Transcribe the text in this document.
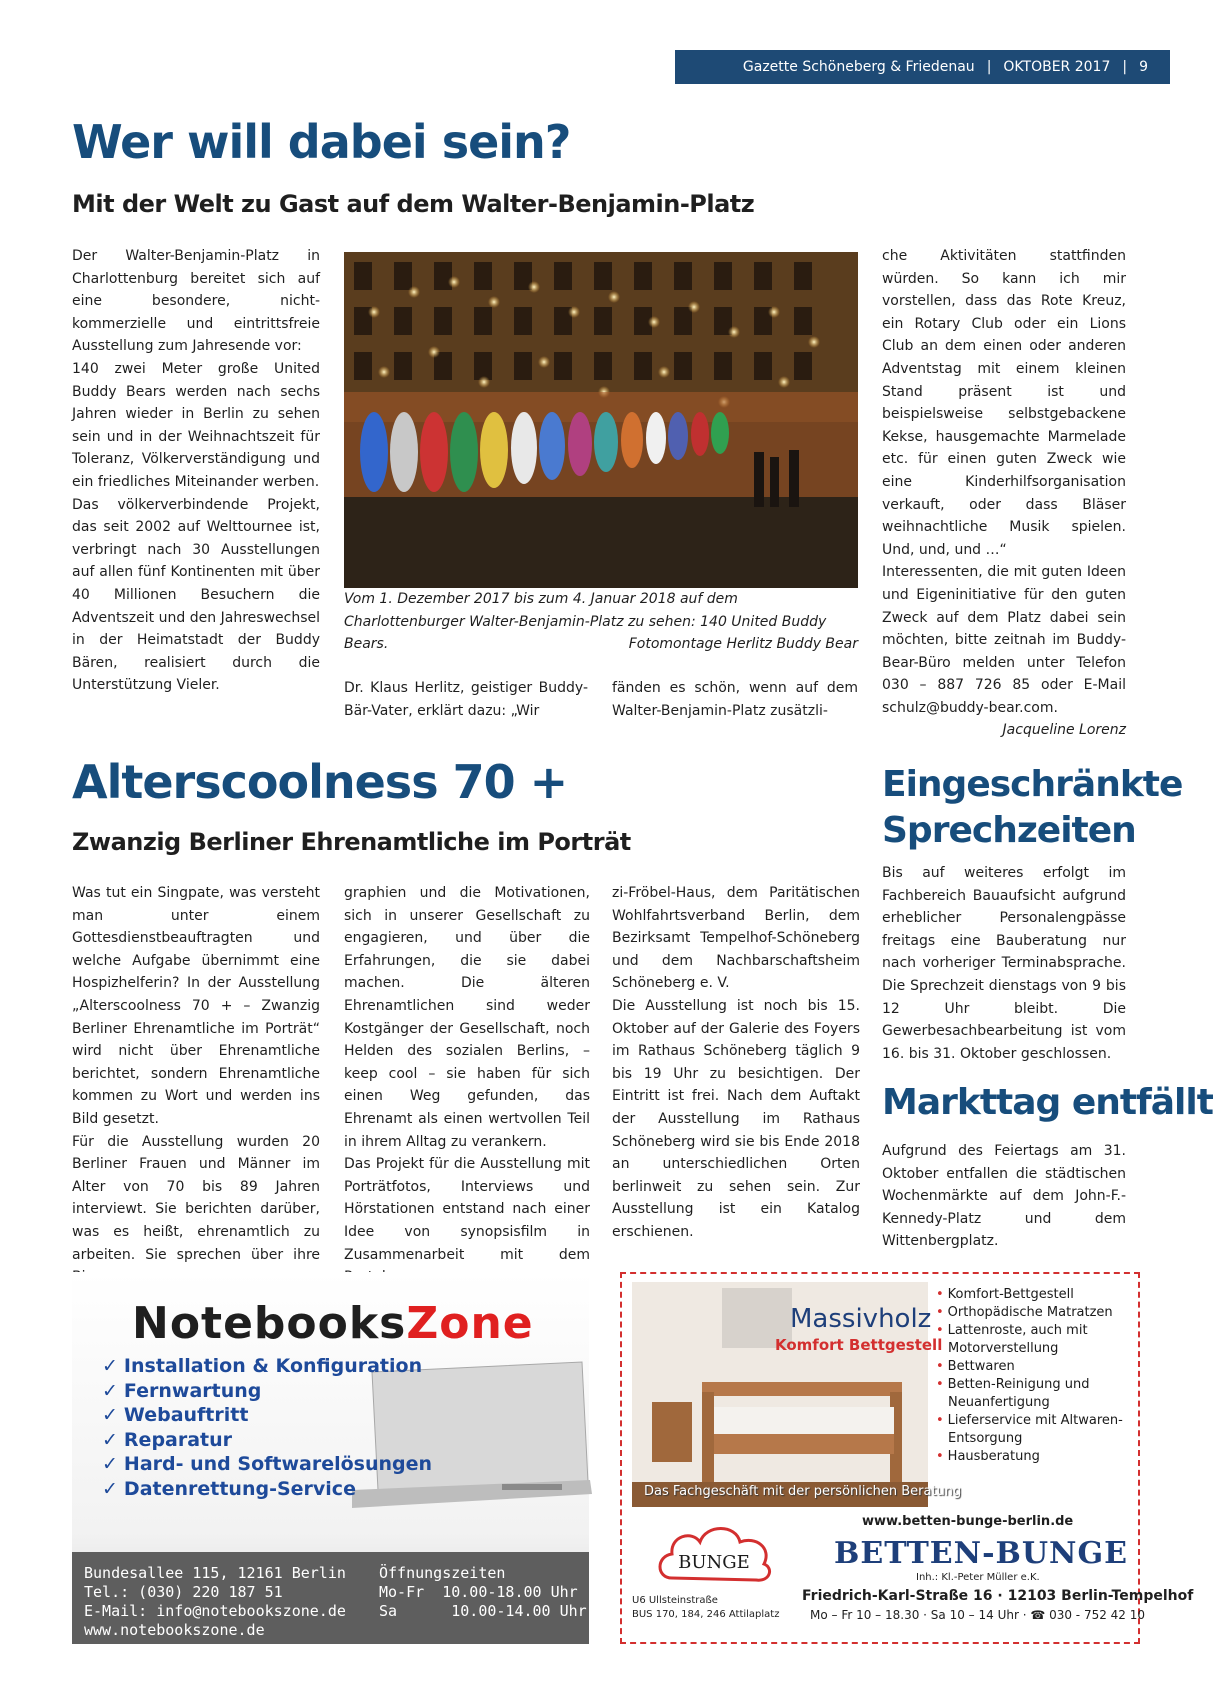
Gazette Schöneberg & Friedenau | OKTOBER 2017 | 9
Wer will dabei sein?
Mit der Welt zu Gast auf dem Walter-Benjamin-Platz

Der Walter-Benjamin-Platz in Charlottenburg bereitet sich auf eine besondere, nicht-kommerzielle und eintrittsfreie Ausstellung zum Jahresende vor:

140 zwei Meter große United Buddy Bears werden nach sechs Jahren wieder in Berlin zu sehen sein und in der Weihnachtszeit für Toleranz, Völkerverständigung und ein friedliches Miteinander werben.

Das völkerverbindende Projekt, das seit 2002 auf Welttournee ist, verbringt nach 30 Ausstellungen auf allen fünf Kontinenten mit über 40 Millionen Besuchern die Adventszeit und den Jahreswechsel in der Heimatstadt der Buddy Bären, realisiert durch die Unterstützung Vieler.

Vom 1. Dezember 2017 bis zum 4. Januar 2018 auf dem Charlottenburger Walter-Benjamin-Platz zu sehen: 140 United Buddy Bears.	Fotomontage Herlitz Buddy Bear

Dr. Klaus Herlitz, geistiger Buddy-Bär-Vater, erklärt dazu: „Wir

fänden es schön, wenn auf dem Walter-Benjamin-Platz zusätzli-

che Aktivitäten stattfinden würden. So kann ich mir vorstellen, dass das Rote Kreuz, ein Rotary Club oder ein Lions Club an dem einen oder anderen Adventstag mit einem kleinen Stand präsent ist und beispielsweise selbstgebackene Kekse, hausgemachte Marmelade etc. für einen guten Zweck wie eine Kinderhilfsorganisation verkauft, oder dass Bläser weihnachtliche Musik spielen. Und, und, und …“

Interessenten, die mit guten Ideen und Eigeninitiative für den guten Zweck auf dem Platz dabei sein möchten, bitte zeitnah im Buddy-Bear-Büro melden unter Telefon 030 – 887 726 85 oder E-Mail schulz@buddy-bear.com.

Jacqueline Lorenz

Alterscoolness 70 +
Zwanzig Berliner Ehrenamtliche im Porträt

Was tut ein Singpate, was versteht man unter einem Gottesdienstbeauftragten und welche Aufgabe übernimmt eine Hospizhelferin? In der Ausstellung „Alterscoolness 70 + – Zwanzig Berliner Ehrenamtliche im Porträt“ wird nicht über Ehrenamtliche berichtet, sondern Ehrenamtliche kommen zu Wort und werden ins Bild gesetzt.

Für die Ausstellung wurden 20 Berliner Frauen und Männer im Alter von 70 bis 89 Jahren interviewt. Sie berichten darüber, was es heißt, ehrenamtlich zu arbeiten. Sie sprechen über ihre

graphien und die Motivationen, sich in unserer Gesellschaft zu engagieren, und über die Erfahrungen, die sie dabei machen. Die älteren Ehrenamtlichen sind weder Kostgänger der Gesellschaft, noch Helden des sozialen Berlins, – keep cool – sie haben für sich einen Weg gefunden, das Ehrenamt als einen wertvollen Teil in ihrem Alltag zu verankern.

Das Projekt für die Ausstellung mit Porträtfotos, Interviews und Hörstationen entstand nach einer Idee von synopsisfilm in Zusammenarbeit mit dem

zi-Fröbel-Haus, dem Paritätischen Wohlfahrtsverband Berlin, dem Bezirksamt Tempelhof-Schöneberg und dem Nachbarschaftsheim Schöneberg e. V.

Die Ausstellung ist noch bis 15. Oktober auf der Galerie des Foyers im Rathaus Schöneberg täglich 9 bis 19 Uhr zu besichtigen. Der Eintritt ist frei. Nach dem Auftakt der Ausstellung im Rathaus Schöneberg wird sie bis Ende 2018 an unterschiedlichen Orten berlinweit zu sehen sein. Zur Ausstellung ist ein Katalog erschienen.

Eingeschränkte
Sprechzeiten

Bis auf weiteres erfolgt im Fachbereich Bauaufsicht aufgrund erheblicher Personalengpässe freitags eine Bauberatung nur nach vorheriger Terminabsprache. Die Sprechzeit dienstags von 9 bis 12 Uhr bleibt. Die Gewerbesachbearbeitung ist vom 16. bis 31. Oktober geschlossen.

Markttag entfällt

Aufgrund des Feiertags am 31. Oktober entfallen die städtischen Wochenmärkte auf dem John-F.-Kennedy-Platz und dem Wittenbergplatz.

NotebooksZone
✓ Installation & Konfiguration
✓ Fernwartung
✓ Webauftritt
✓ Reparatur
✓ Hard- und Softwarelösungen
✓ Datenrettung-Service
Bundesallee 115, 12161 Berlin
Tel.: (030) 220 187 51
E-Mail: info@notebookszone.de
www.notebookszone.de
Öffnungszeiten
Mo-Fr  10.00-18.00 Uhr
Sa      10.00-14.00 Uhr
Massivholz
Komfort Bettgestell
Das Fachgeschäft mit der persönlichen Beratung
• Komfort-Bettgestell
• Orthopädische Matratzen
• Lattenroste, auch mit Motorverstellung
• Bettwaren
• Betten-Reinigung und Neuanfertigung
• Lieferservice mit Altwaren-Entsorgung
• Hausberatung
www.betten-bunge-berlin.de
BUNGE	BETTEN-BUNGE
Inh.: Kl.-Peter Müller e.K.
Friedrich-Karl-Straße 16 · 12103 Berlin-Tempelhof
Mo – Fr 10 – 18.30 · Sa 10 – 14 Uhr · ☎ 030 - 752 42 10
U6 Ullsteinstraße
BUS 170, 184, 246 Attilaplatz
